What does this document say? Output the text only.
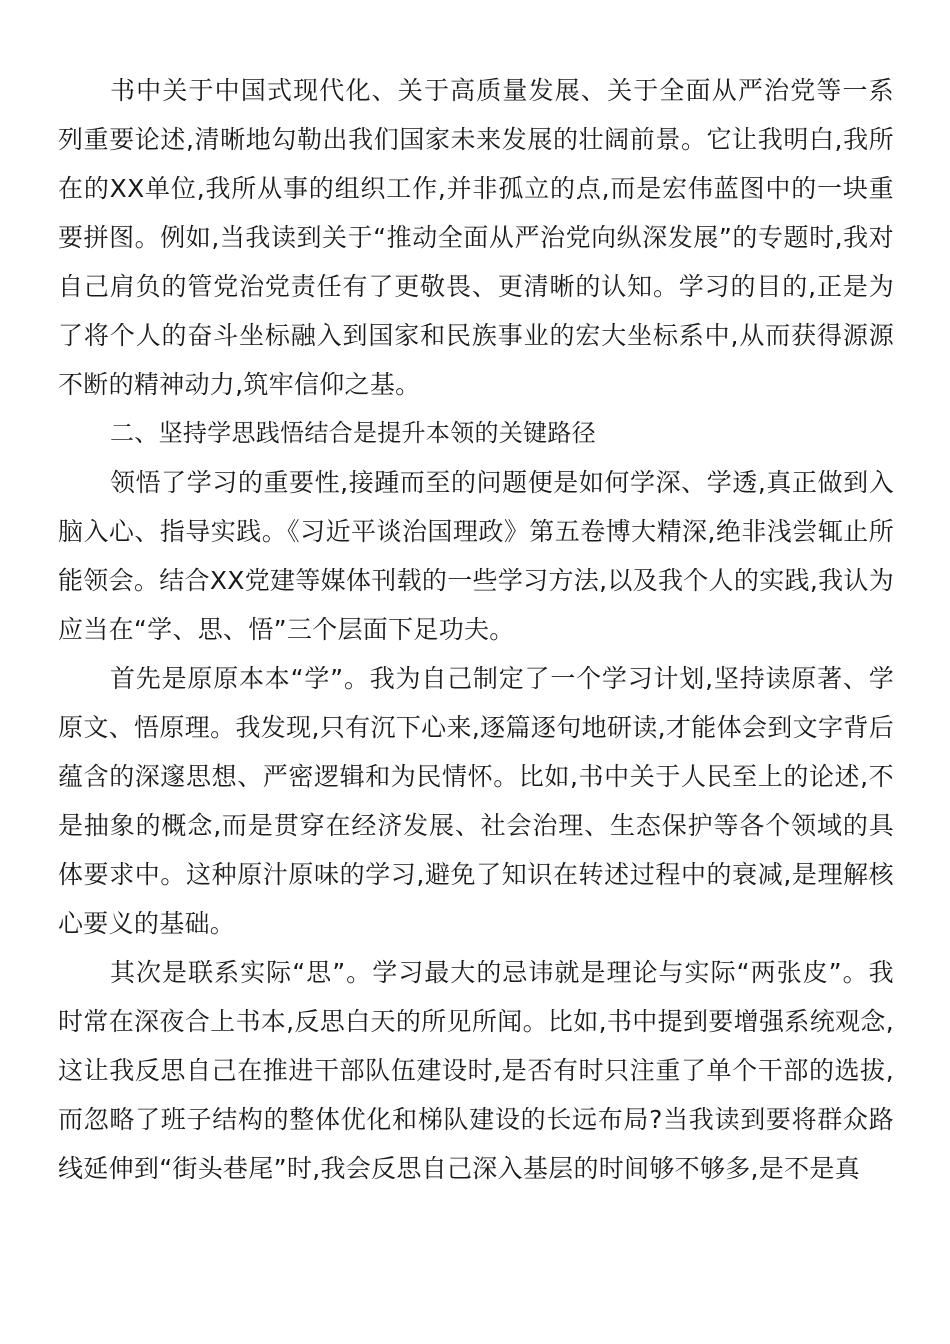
书中关于中国式现代化、关于高质量发展、关于全面从严治党等一系列重要论述,清晰地勾勒出我们国家未来发展的壮阔前景。它让我明白,我所在的XX单位,我所从事的组织工作,并非孤立的点,而是宏伟蓝图中的一块重要拼图。例如,当我读到关于“推动全面从严治党向纵深发展”的专题时,我对自己肩负的管党治党责任有了更敬畏、更清晰的认知。学习的目的,正是为了将个人的奋斗坐标融入到国家和民族事业的宏大坐标系中,从而获得源源不断的精神动力,筑牢信仰之基。

二、坚持学思践悟结合是提升本领的关键路径

领悟了学习的重要性,接踵而至的问题便是如何学深、学透,真正做到入脑入心、指导实践。《习近平谈治国理政》第五卷博大精深,绝非浅尝辄止所能领会。结合XX党建等媒体刊载的一些学习方法,以及我个人的实践,我认为应当在“学、思、悟”三个层面下足功夫。

首先是原原本本“学”。我为自己制定了一个学习计划,坚持读原著、学原文、悟原理。我发现,只有沉下心来,逐篇逐句地研读,才能体会到文字背后蕴含的深邃思想、严密逻辑和为民情怀。比如,书中关于人民至上的论述,不是抽象的概念,而是贯穿在经济发展、社会治理、生态保护等各个领域的具体要求中。这种原汁原味的学习,避免了知识在转述过程中的衰减,是理解核心要义的基础。

其次是联系实际“思”。学习最大的忌讳就是理论与实际“两张皮”。我时常在深夜合上书本,反思白天的所见所闻。比如,书中提到要增强系统观念,这让我反思自己在推进干部队伍建设时,是否有时只注重了单个干部的选拔,而忽略了班子结构的整体优化和梯队建设的长远布局?当我读到要将群众路线延伸到“街头巷尾”时,我会反思自己深入基层的时间够不够多,是不是真
